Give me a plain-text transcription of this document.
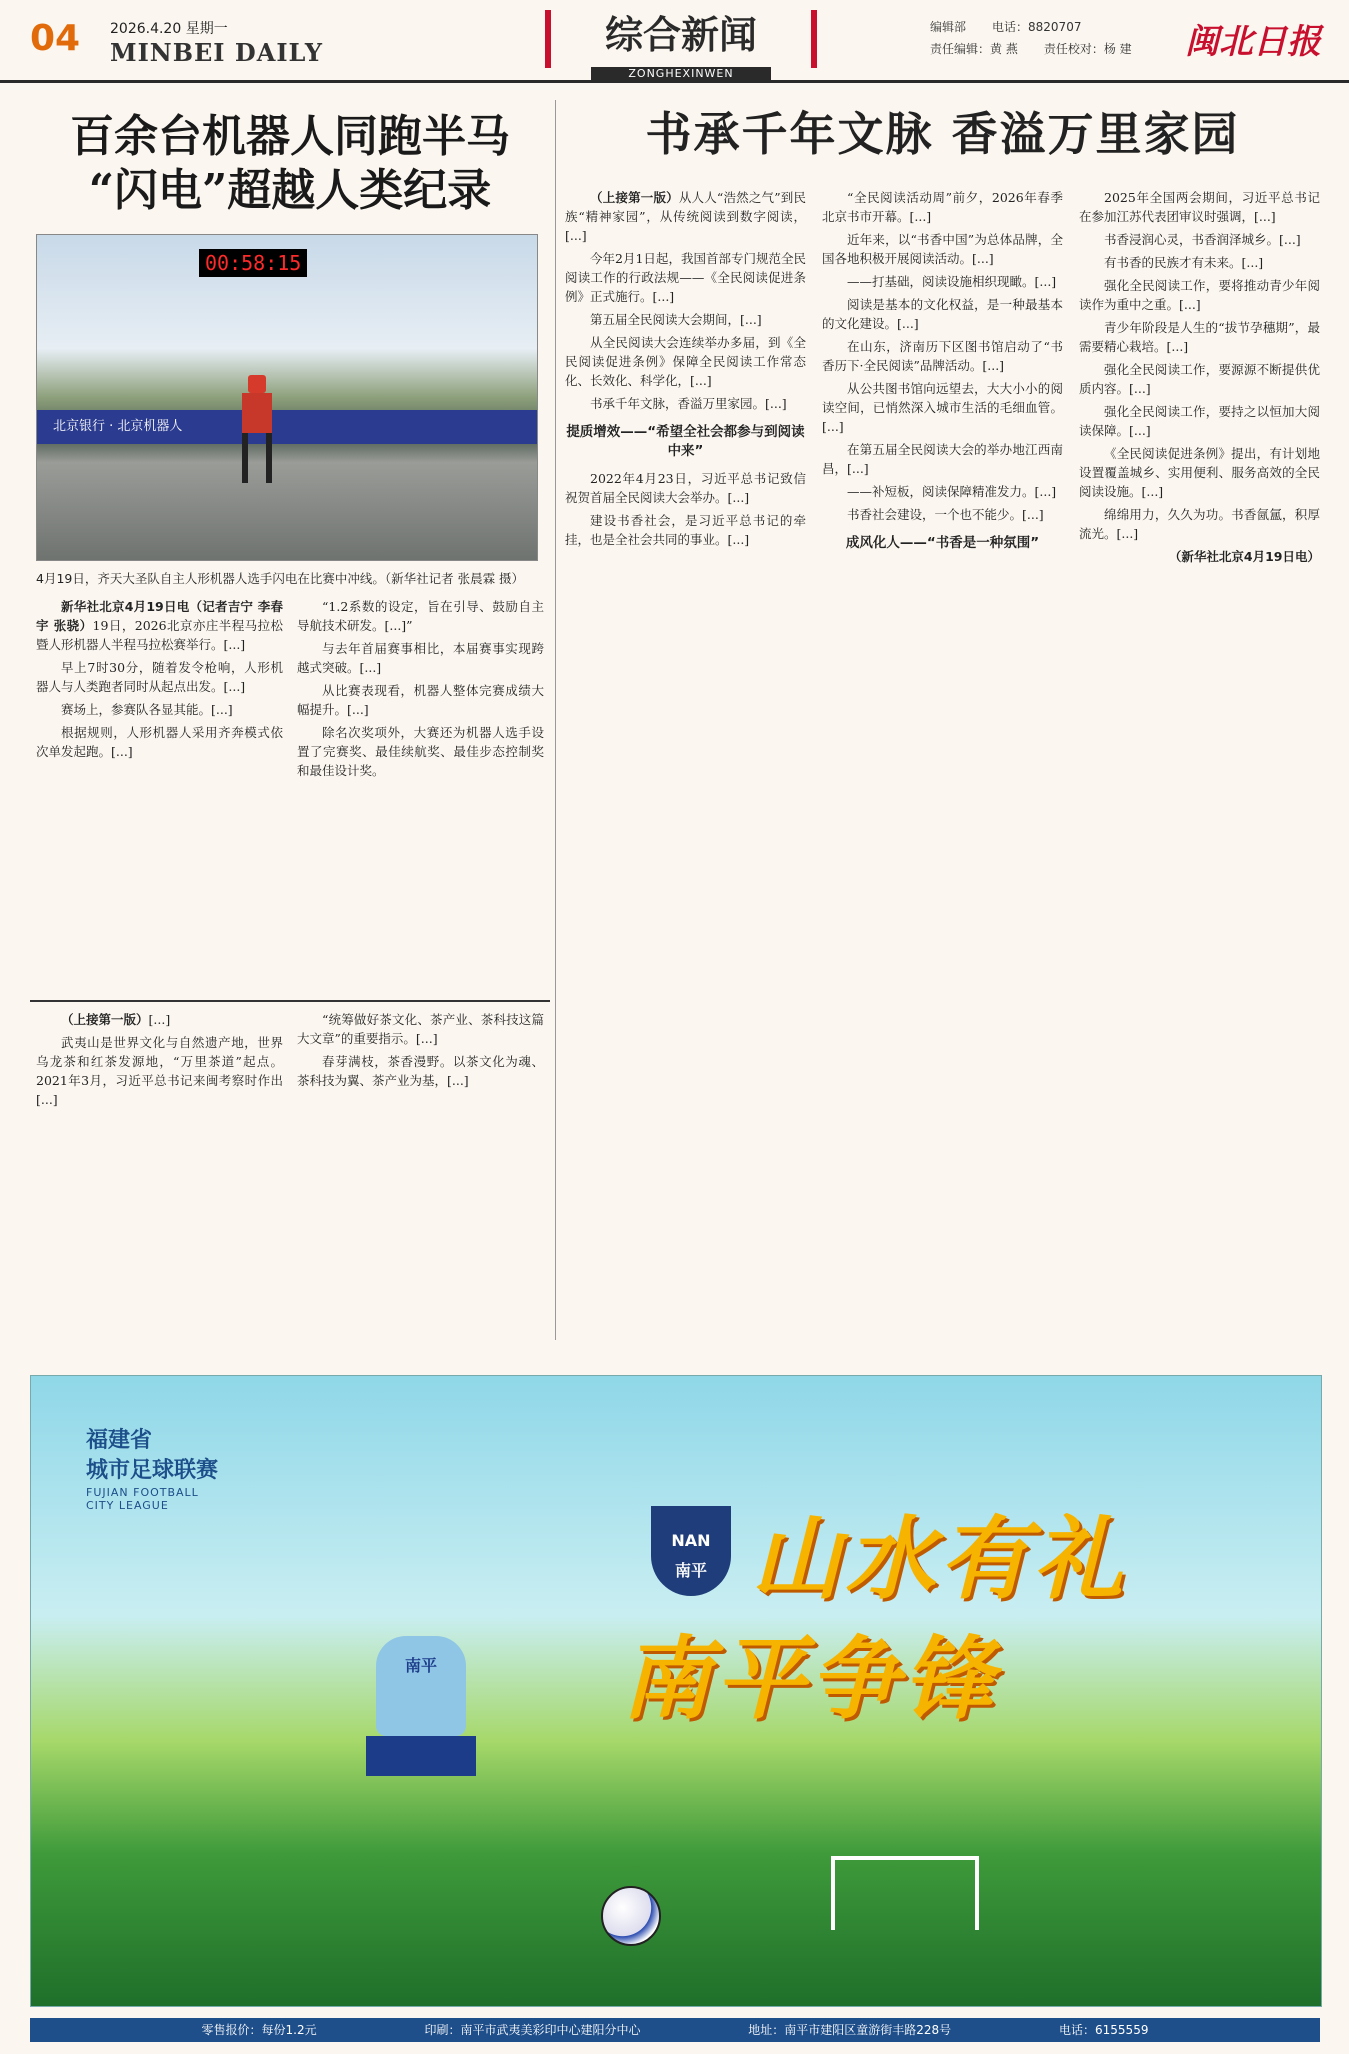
04 2026.4.20 星期一
MINBEI DAILY	综合新闻
ZONGHEXINWEN
编辑部 电话：8820707
责任编辑：黄 燕 责任校对：杨 建	闽北日报
百余台机器人同跑半马
“闪电”超越人类纪录
00:58:15
北京银行 · 北京机器人
4月19日，齐天大圣队自主人形机器人选手闪电在比赛中冲线。（新华社记者 张晨霖 摄）

新华社北京4月19日电（记者吉宁 李春宇 张骁）19日，2026北京亦庄半程马拉松暨人形机器人半程马拉松赛举行。[...]

早上7时30分，随着发令枪响，人形机器人与人类跑者同时从起点出发。[...]

赛场上，参赛队各显其能。[...]

根据规则，人形机器人采用齐奔模式依次单发起跑。[...]

“1.2系数的设定，旨在引导、鼓励自主导航技术研发。[...]”

与去年首届赛事相比，本届赛事实现跨越式突破。[...]

从比赛表现看，机器人整体完赛成绩大幅提升。[...]

除名次奖项外，大赛还为机器人选手设置了完赛奖、最佳续航奖、最佳步态控制奖和最佳设计奖。

（上接第一版）[...]

武夷山是世界文化与自然遗产地，世界乌龙茶和红茶发源地，“万里茶道”起点。2021年3月，习近平总书记来闽考察时作出[...]

“统筹做好茶文化、茶产业、茶科技这篇大文章”的重要指示。[...]

春芽满枝，茶香漫野。以茶文化为魂、茶科技为翼、茶产业为基，[...]

书承千年文脉 香溢万里家园

（上接第一版）从人人“浩然之气”到民族“精神家园”，从传统阅读到数字阅读，[...]

今年2月1日起，我国首部专门规范全民阅读工作的行政法规——《全民阅读促进条例》正式施行。[...]

第五届全民阅读大会期间，[...]

从全民阅读大会连续举办多届，到《全民阅读促进条例》保障全民阅读工作常态化、长效化、科学化，[...]

书承千年文脉，香溢万里家园。[...]

提质增效——“希望全社会都参与到阅读中来”

2022年4月23日，习近平总书记致信祝贺首届全民阅读大会举办。[...]

建设书香社会，是习近平总书记的牵挂，也是全社会共同的事业。[...]

“全民阅读活动周”前夕，2026年春季北京书市开幕。[...]

近年来，以“书香中国”为总体品牌，全国各地积极开展阅读活动。[...]

——打基础，阅读设施相织现瞰。[...]

阅读是基本的文化权益，是一种最基本的文化建设。[...]

在山东，济南历下区图书馆启动了“书香历下·全民阅读”品牌活动。[...]

从公共图书馆向远望去，大大小小的阅读空间，已悄然深入城市生活的毛细血管。[...]

在第五届全民阅读大会的举办地江西南昌，[...]

——补短板，阅读保障精准发力。[...]

书香社会建设，一个也不能少。[...]

成风化人——“书香是一种氛围”

2025年全国两会期间，习近平总书记在参加江苏代表团审议时强调，[...]

书香浸润心灵，书香润泽城乡。[...]

有书香的民族才有未来。[...]

强化全民阅读工作，要将推动青少年阅读作为重中之重。[...]

青少年阶段是人生的“拔节孕穗期”，最需要精心栽培。[...]

强化全民阅读工作，要源源不断提供优质内容。[...]

强化全民阅读工作，要持之以恒加大阅读保障。[...]

《全民阅读促进条例》提出，有计划地设置覆盖城乡、实用便利、服务高效的全民阅读设施。[...]

绵绵用力，久久为功。书香氤氲，积厚流光。[...]

（新华社北京4月19日电）

福建省
城市足球联赛
FUJIAN FOOTBALL
CITY LEAGUE
NAN
南平 山水有礼
南平争锋
南平
零售报价：每份1.2元	印刷：南平市武夷美彩印中心建阳分中心	地址：南平市建阳区童游街丰路228号	电话：6155559
